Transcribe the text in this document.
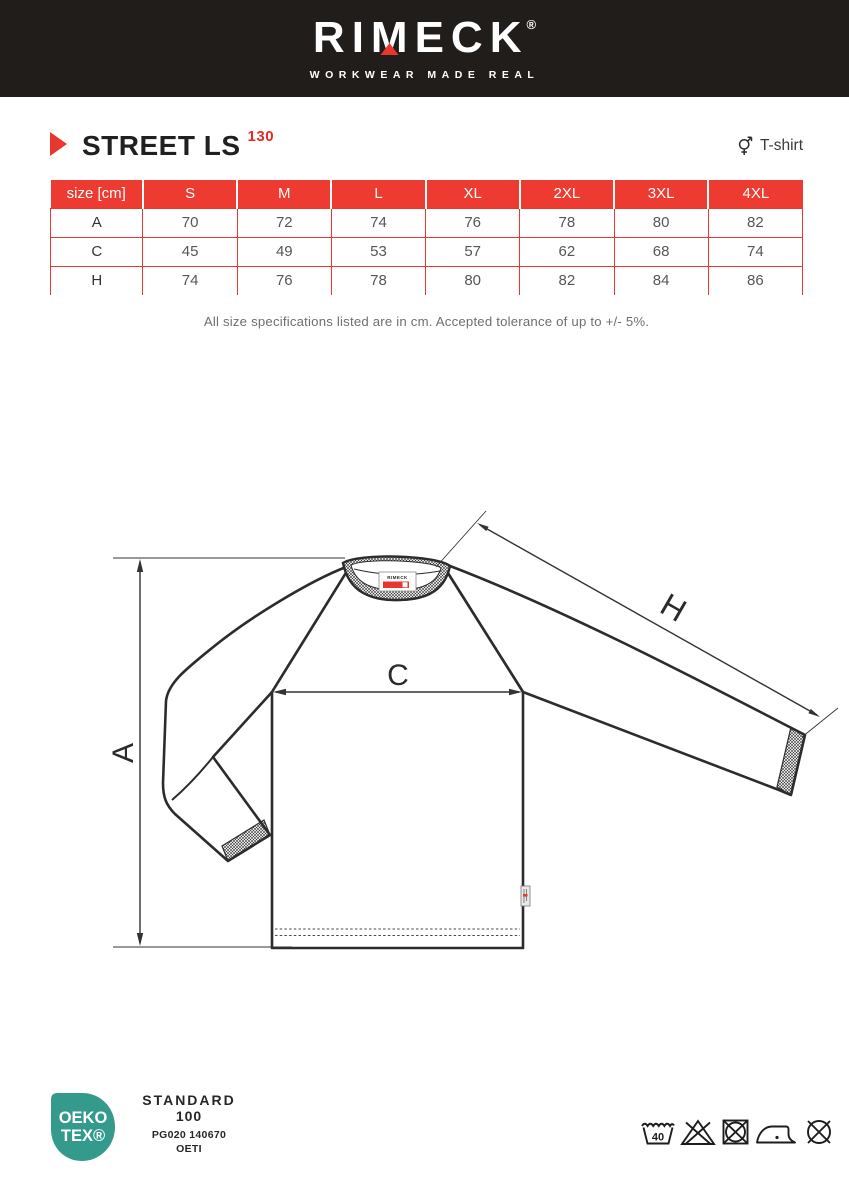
RI M ECK
®
WORKWEAR MADE REAL
STREET LS $^{130}$	T-shirt
size [cm]	S	M	L	XL	2XL	3XL	4XL
A	70	72	74	76	78	80	82
C	45	49	53	57	62	68	74
H	74	76	78	80	82	84	86

All size specifications listed are in cm. Accepted tolerance of up to +/- 5%.

RIMECK
A
C
H
OEKO
TEX®
STANDARD
100
PG020 140670
OETI
40
